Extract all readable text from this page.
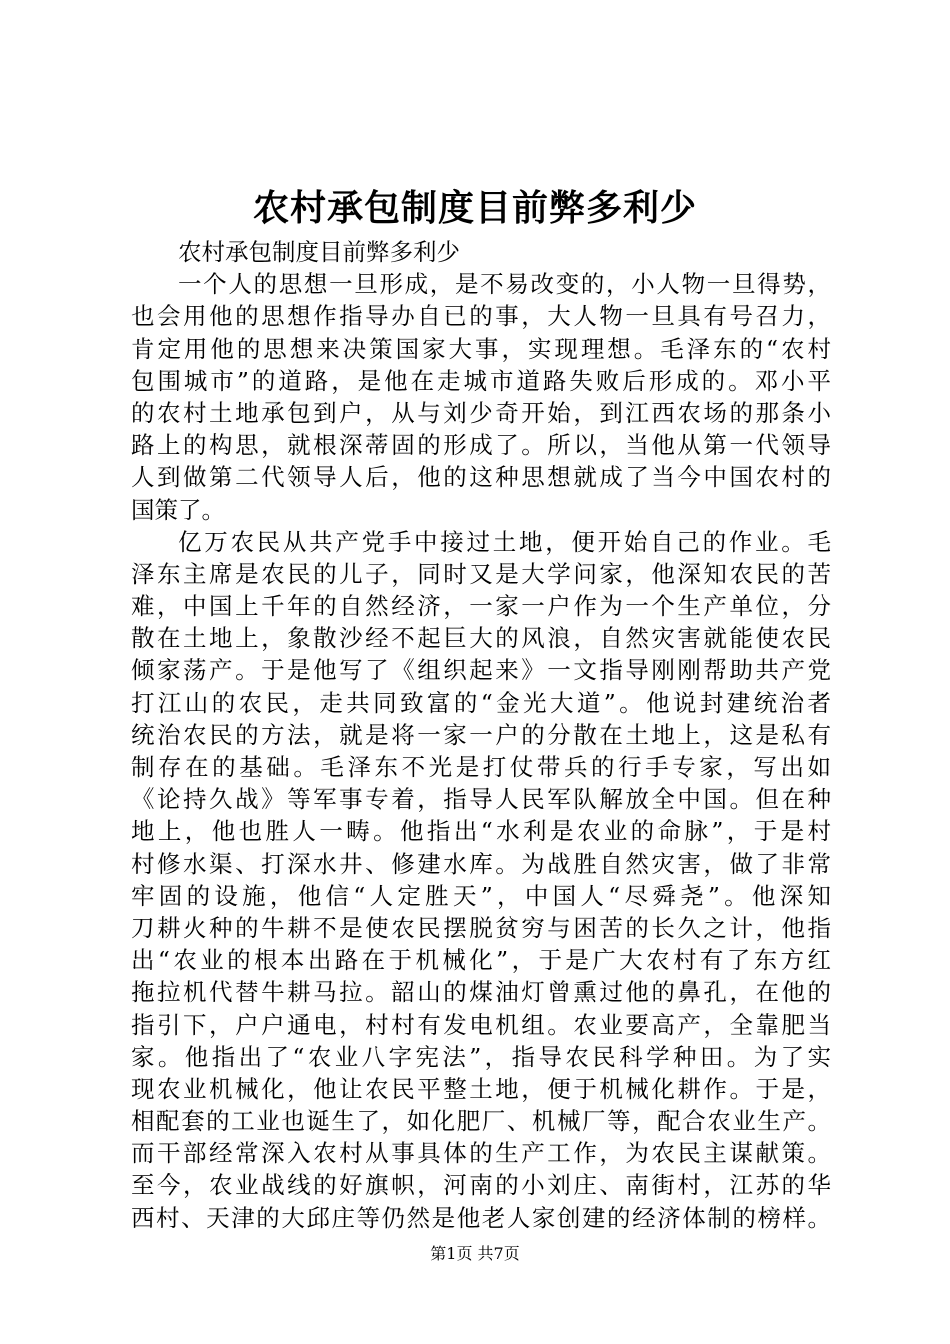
农村承包制度目前弊多利少
农村承包制度目前弊多利少
一个人的思想一旦形成，是不易改变的，小人物一旦得势，
也会用他的思想作指导办自已的事，大人物一旦具有号召力，
肯定用他的思想来决策国家大事，实现理想。毛泽东的“农村
包围城市”的道路，是他在走城市道路失败后形成的。邓小平
的农村土地承包到户，从与刘少奇开始，到江西农场的那条小
路上的构思，就根深蒂固的形成了。所以，当他从第一代领导
人到做第二代领导人后，他的这种思想就成了当今中国农村的
国策了。
亿万农民从共产党手中接过土地，便开始自己的作业。毛
泽东主席是农民的儿子，同时又是大学问家，他深知农民的苦
难，中国上千年的自然经济，一家一户作为一个生产单位，分
散在土地上，象散沙经不起巨大的风浪，自然灾害就能使农民
倾家荡产。于是他写了《组织起来》一文指导刚刚帮助共产党
打江山的农民，走共同致富的“金光大道”。他说封建统治者
统治农民的方法，就是将一家一户的分散在土地上，这是私有
制存在的基础。毛泽东不光是打仗带兵的行手专家，写出如
《论持久战》等军事专着，指导人民军队解放全中国。但在种
地上，他也胜人一畴。他指出“水利是农业的命脉”，于是村
村修水渠、打深水井、修建水库。为战胜自然灾害，做了非常
牢固的设施，他信“人定胜天”，中国人“尽舜尧”。他深知
刀耕火种的牛耕不是使农民摆脱贫穷与困苦的长久之计，他指
出“农业的根本出路在于机械化”，于是广大农村有了东方红
拖拉机代替牛耕马拉。韶山的煤油灯曾熏过他的鼻孔，在他的
指引下，户户通电，村村有发电机组。农业要高产，全靠肥当
家。他指出了“农业八字宪法”，指导农民科学种田。为了实
现农业机械化，他让农民平整土地，便于机械化耕作。于是，
相配套的工业也诞生了，如化肥厂、机械厂等，配合农业生产。
而干部经常深入农村从事具体的生产工作，为农民主谋献策。
至今，农业战线的好旗帜，河南的小刘庄、南街村，江苏的华
西村、天津的大邱庄等仍然是他老人家创建的经济体制的榜样。
第1页 共7页
